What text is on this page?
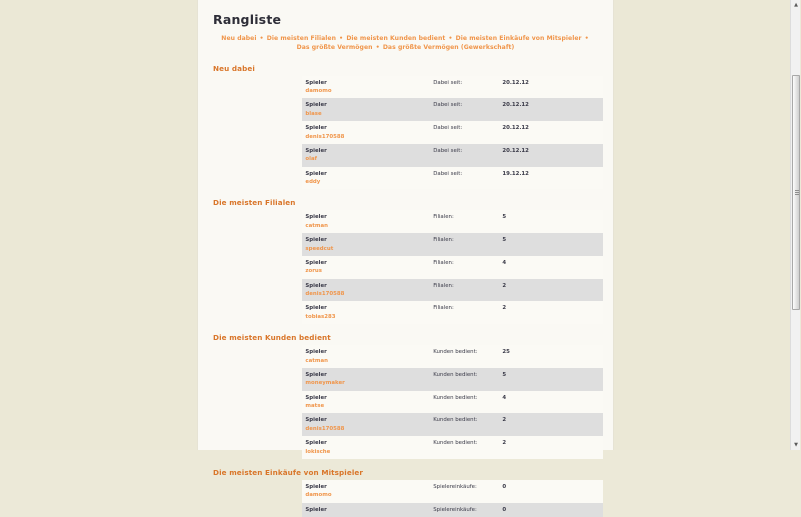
Rangliste
Neu dabei • Die meisten Filialen • Die meisten Kunden bedient • Die meisten Einkäufe von Mitspieler • Das größte Vermögen • Das größte Vermögen (Gewerkschaft)
Neu dabei

	Spieler
damomo		Dabei seit:	20.12.12

	Spieler
blase		Dabei seit:	20.12.12

	Spieler
denis170588		Dabei seit:	20.12.12

	Spieler
olaf		Dabei seit:	20.12.12

	Spieler
eddy		Dabei seit:	19.12.12
Die meisten Filialen

	Spieler
catman		Filialen:	5

	Spieler
speedcut		Filialen:	5

	Spieler
zorus		Filialen:	4

	Spieler
denis170588		Filialen:	2

	Spieler
tobias283		Filialen:	2
Die meisten Kunden bedient

	Spieler
catman		Kunden bedient:	25

	Spieler
moneymaker		Kunden bedient:	5

	Spieler
matse		Kunden bedient:	4

	Spieler
denis170588		Kunden bedient:	2

	Spieler
lokische		Kunden bedient:	2
Die meisten Einkäufe von Mitspieler

	Spieler
damomo		Spielereinkäufe:	0

	Spieler		Spielereinkäufe:	0
▲
▼
